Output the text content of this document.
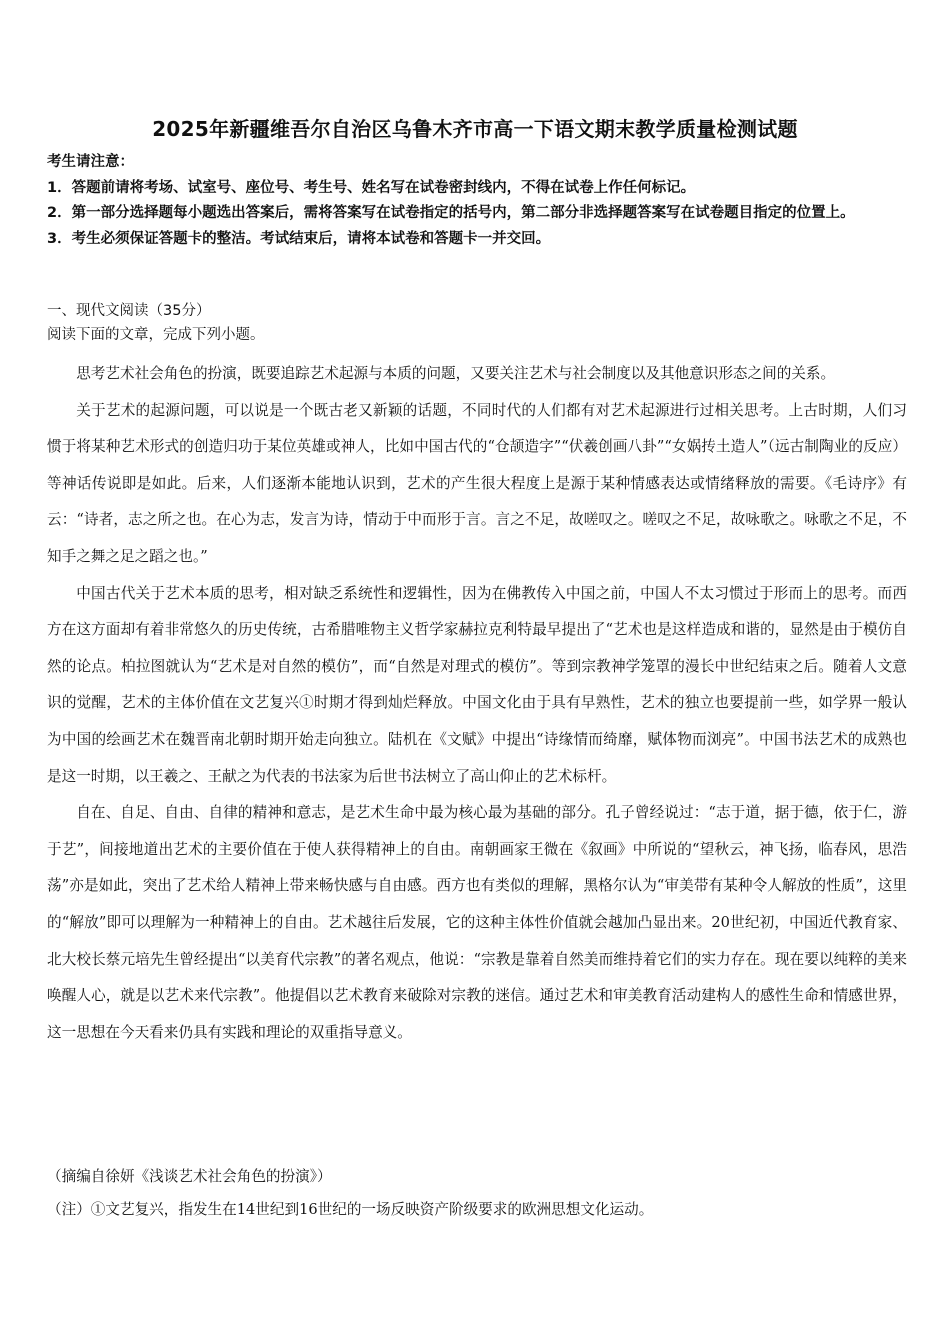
2025年新疆维吾尔自治区乌鲁木齐市高一下语文期末教学质量检测试题
考生请注意：
1．答题前请将考场、试室号、座位号、考生号、姓名写在试卷密封线内，不得在试卷上作任何标记。
2．第一部分选择题每小题选出答案后，需将答案写在试卷指定的括号内，第二部分非选择题答案写在试卷题目指定的位置上。
3．考生必须保证答题卡的整洁。考试结束后，请将本试卷和答题卡一并交回。
一、现代文阅读（35分）
阅读下面的文章，完成下列小题。

思考艺术社会角色的扮演，既要追踪艺术起源与本质的问题，又要关注艺术与社会制度以及其他意识形态之间的关系。

关于艺术的起源问题，可以说是一个既古老又新颖的话题，不同时代的人们都有对艺术起源进行过相关思考。上古时期，人们习惯于将某种艺术形式的创造归功于某位英雄或神人，比如中国古代的“仓颉造字”“伏羲创画八卦”“女娲抟土造人”（远古制陶业的反应）等神话传说即是如此。后来，人们逐渐本能地认识到，艺术的产生很大程度上是源于某种情感表达或情绪释放的需要。《毛诗序》有云：“诗者，志之所之也。在心为志，发言为诗，情动于中而形于言。言之不足，故嗟叹之。嗟叹之不足，故咏歌之。咏歌之不足，不知手之舞之足之蹈之也。”

中国古代关于艺术本质的思考，相对缺乏系统性和逻辑性，因为在佛教传入中国之前，中国人不太习惯过于形而上的思考。而西方在这方面却有着非常悠久的历史传统，古希腊唯物主义哲学家赫拉克利特最早提出了“艺术也是这样造成和谐的，显然是由于模仿自然的论点。柏拉图就认为“艺术是对自然的模仿”，而“自然是对理式的模仿”。等到宗教神学笼罩的漫长中世纪结束之后。随着人文意识的觉醒，艺术的主体价值在文艺复兴①时期才得到灿烂释放。中国文化由于具有早熟性，艺术的独立也要提前一些，如学界一般认为中国的绘画艺术在魏晋南北朝时期开始走向独立。陆机在《文赋》中提出“诗缘情而绮靡，赋体物而浏亮”。中国书法艺术的成熟也是这一时期，以王羲之、王献之为代表的书法家为后世书法树立了高山仰止的艺术标杆。

自在、自足、自由、自律的精神和意志，是艺术生命中最为核心最为基础的部分。孔子曾经说过：“志于道，据于德，依于仁，游于艺”，间接地道出艺术的主要价值在于使人获得精神上的自由。南朝画家王微在《叙画》中所说的“望秋云，神飞扬，临春风，思浩荡”亦是如此，突出了艺术给人精神上带来畅快感与自由感。西方也有类似的理解，黑格尔认为“审美带有某种令人解放的性质”，这里的“解放”即可以理解为一种精神上的自由。艺术越往后发展，它的这种主体性价值就会越加凸显出来。20世纪初，中国近代教育家、北大校长蔡元培先生曾经提出“以美育代宗教”的著名观点，他说：“宗教是靠着自然美而维持着它们的实力存在。现在要以纯粹的美来唤醒人心，就是以艺术来代宗教”。他提倡以艺术教育来破除对宗教的迷信。通过艺术和审美教育活动建构人的感性生命和情感世界，这一思想在今天看来仍具有实践和理论的双重指导意义。

（摘编自徐妍《浅谈艺术社会角色的扮演》）
（注）①文艺复兴，指发生在14世纪到16世纪的一场反映资产阶级要求的欧洲思想文化运动。
